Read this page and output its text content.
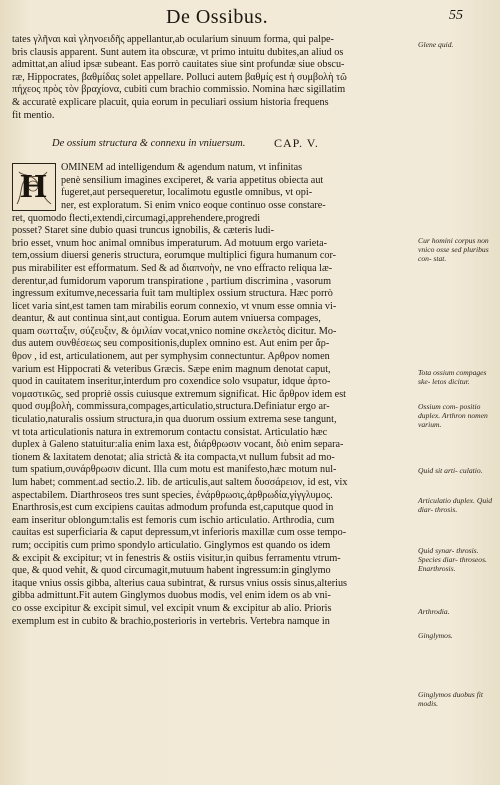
De Ossibus.	55
tates γλῆναι καὶ γληνοειδῆς appellantur,ab ocularium sinuum forma, qui palpe-
bris clausis apparent. Sunt autem ita obscuræ, vt primo intuitu dubites,an aliud os
admittat,an aliud ipsæ subeant. Eas porrò cauitates siue sint profundæ siue obscu-
ræ, Hippocrates, βαθμίδας solet appellare. Polluci autem βαθμίς est ἡ συμβολὴ τῶ
πήχεος πρὸς τὸν βραχίονα, cubiti cum brachio commissio. Nomina hæc sigillatim
& accuratè explicare placuit, quia eorum in peculiari ossium historia frequens
fit mentio.
De ossium structura & connexu in vniuersum. CAP. V.
H
OMINEM ad intelligendum & agendum natum, vt infinitas
penè sensilium imagines exciperet, & varia appetitus obiecta aut
fugeret,aut persequeretur, localimotu egustle omnibus, vt opi-
ner, est exploratum. Si enim vnico eoque continuo osse constare-
ret, quomodo flecti,extendi,circumagi,apprehendere,progredi
posset? Staret sine dubio quasi truncus ignobilis, & cæteris ludi-
brio esset, vnum hoc animal omnibus imperaturum. Ad motuum ergo varieta-
tem,ossium diuersi generis structura, eorumque multiplici figura humanum cor-
pus mirabiliter est efformatum. Sed & ad διαπνοὴν, ne vno effracto reliqua læ-
derentur,ad fumidorum vaporum transpiratione , partium discrimina , vasorum
ingressum exitumve,necessaria fuit tam multiplex ossium structura. Hæc porrò
licet varia sint,est tamen tam mirabilis eorum connexio, vt vnum esse omnia vi-
deantur, & aut continua sint,aut contigua. Eorum autem vniuersa compages,
quam σωτταξιν, σύζευξιν, & ὁμιλίαν vocat,vnico nomine σκελετὸς dicitur. Mo-
dus autem συνθέσεως seu compositionis,duplex omnino est. Aut enim per ἄρ-
θρον , id est, articulationem, aut per symphysim connectuntur. Aρθρον nomen
varium est Hippocrati & veteribus Græcis. Sæpe enim magnum denotat caput,
quod in cauitatem inseritur,interdum pro coxendice solo vsupatur, idque ἀρτο-
νομαστικῶς, sed propriè ossis cuiusque extremum significat. Hic ἄρθρον idem est
quod συμβολὴ, commissura,compages,articulatio,structura.Definiatur ergo ar-
ticulatio,naturalis ossium structura,in qua duorum ossium extrema sese tangunt,
vt tota articulationis natura in extremorum contactu consistat. Articulatio hæc
duplex à Galeno statuitur:alia enim laxa est, διάρθρωσιν vocant, διὸ enim separa-
tionem & laxitatem denotat; alia strictà & ita compacta,vt nullum fubsit ad mo-
tum spatium,συνάρθρωσιν dicunt. Illa cum motu est manifesto,hæc motum nul-
lum habet; comment.ad sectio.2. lib. de articulis,aut saltem δυσσάρειον, id est, vix
aspectabilem. Diarthroseos tres sunt species, ἐνάρθρωσις,ἀρθρωδία,γίγγλυμος.
Enarthrosis,est cum excipiens cauitas admodum profunda est,caputque quod in
eam inseritur oblongum:talis est femoris cum ischio articulatio. Arthrodia, cum
cauitas est superficiaria & caput depressum,vt inferioris maxillæ cum osse tempo-
rum; occipitis cum primo spondylo articulatio. Ginglymos est quando os idem
& excipit & excipitur; vt in fenestris & ostiis visitur,in quibus ferramentu vtrum-
que, & quod vehit, & quod circumagit,mutuum habent ingressum:in ginglymo
itaque vnius ossis gibba, alterius caua subintrat, & rursus vnius ossis sinus,alterius
gibba admittunt.Fit autem Ginglymos duobus modis, vel enim idem os ab vni-
co osse excipitur & excipit simul, vel excipit vnum & excipitur ab alio. Prioris
exemplum est in cubito & brachio,posterioris in vertebris. Vertebra namque in
Glene quid.
Cur homini corpus non vnico osse sed pluribus con- stat.
Tota ossium compages ske- letos dicitur.
Ossium com- positio duplex. Arthron nomen varium.
Quid sit arti- culatio.
Articulatio duplex. Quid diar- throsis.
Quid synar- throsis. Species diar- throseos. Enarthrosis.
Arthrodia.
Ginglymos.
Ginglymos duobus fit modis.
